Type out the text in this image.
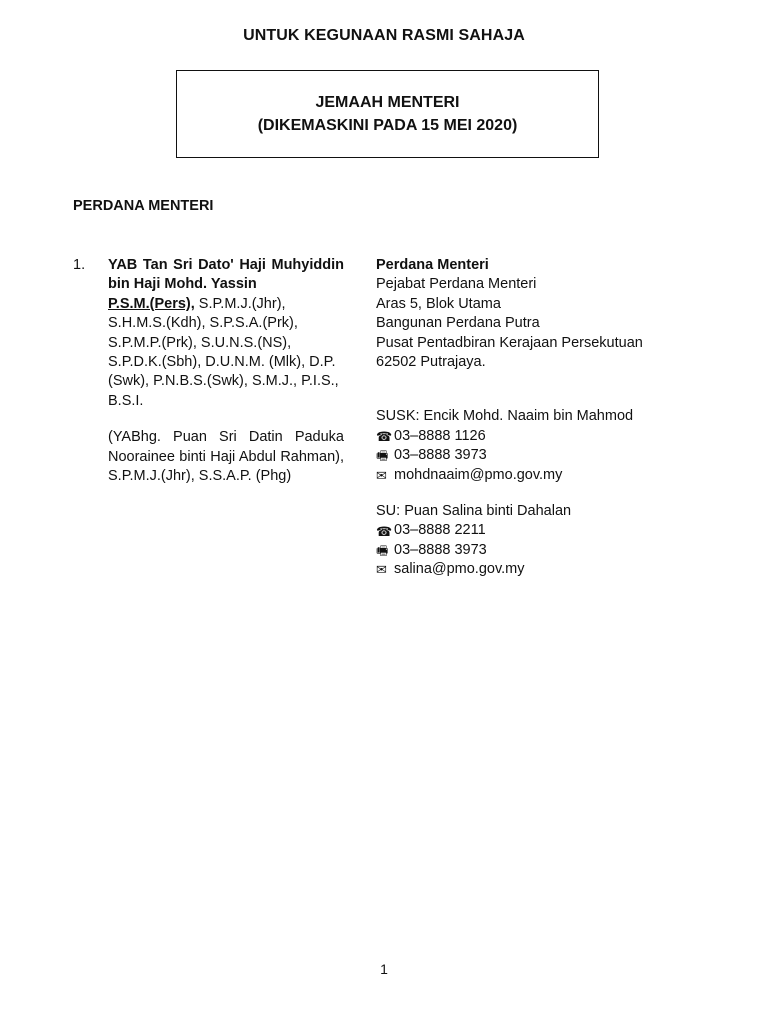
UNTUK KEGUNAAN RASMI SAHAJA
JEMAAH MENTERI
(DIKEMASKINI PADA 15 MEI 2020)
PERDANA MENTERI
1. YAB Tan Sri Dato' Haji Muhyiddin bin Haji Mohd. Yassin
P.S.M.(Pers), S.P.M.J.(Jhr), S.H.M.S.(Kdh), S.P.S.A.(Prk), S.P.M.P.(Prk), S.U.N.S.(NS), S.P.D.K.(Sbh), D.U.N.M. (Mlk), D.P.(Swk), P.N.B.S.(Swk), S.M.J., P.I.S., B.S.I.
(YABhg. Puan Sri Datin Paduka Noorainee binti Haji Abdul Rahman), S.P.M.J.(Jhr), S.S.A.P. (Phg)
Perdana Menteri
Pejabat Perdana Menteri
Aras 5, Blok Utama
Bangunan Perdana Putra
Pusat Pentadbiran Kerajaan Persekutuan
62502 Putrajaya.
SUSK: Encik Mohd. Naaim bin Mahmod
☎ 03–8888 1126
🖷 03–8888 3973
✉ mohdnaaim@pmo.gov.my
SU: Puan Salina binti Dahalan
☎ 03–8888 2211
🖷 03–8888 3973
✉ salina@pmo.gov.my
1
